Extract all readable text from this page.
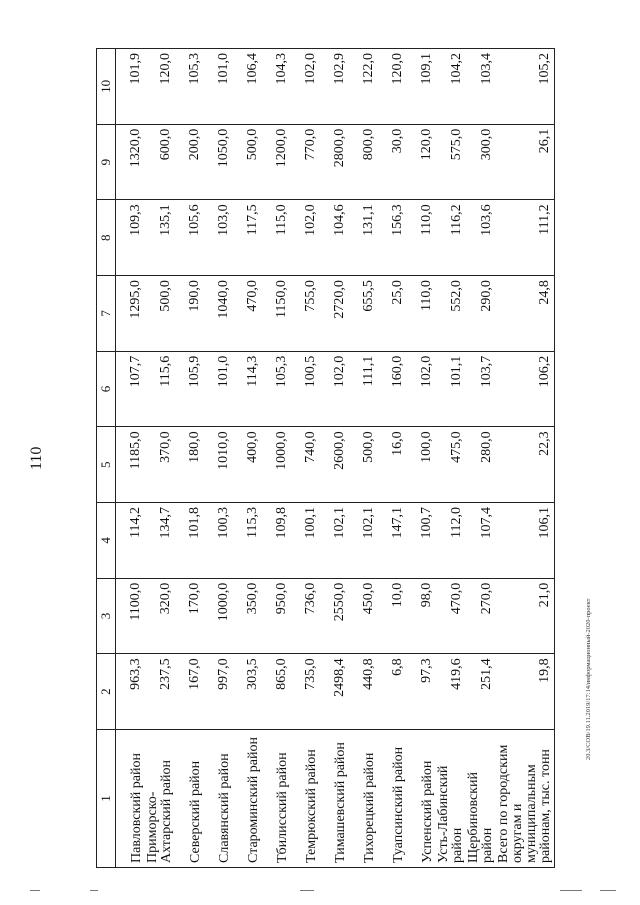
110
20.3/СОВ/19.11.2019/17:14/информационный-2020-проект
1	2	3	4	5	6	7	8	9	10
Павловский район	963,3	1100,0	114,2	1185,0	107,7	1295,0	109,3	1320,0	101,9
Приморско-Ахтарский район	237,5	320,0	134,7	370,0	115,6	500,0	135,1	600,0	120,0
Северский район	167,0	170,0	101,8	180,0	105,9	190,0	105,6	200,0	105,3
Славянский район	997,0	1000,0	100,3	1010,0	101,0	1040,0	103,0	1050,0	101,0
Староминский район	303,5	350,0	115,3	400,0	114,3	470,0	117,5	500,0	106,4
Тбилисский район	865,0	950,0	109,8	1000,0	105,3	1150,0	115,0	1200,0	104,3
Темрюкский район	735,0	736,0	100,1	740,0	100,5	755,0	102,0	770,0	102,0
Тимашевский район	2498,4	2550,0	102,1	2600,0	102,0	2720,0	104,6	2800,0	102,9
Тихорецкий район	440,8	450,0	102,1	500,0	111,1	655,5	131,1	800,0	122,0
Туапсинский район	6,8	10,0	147,1	16,0	160,0	25,0	156,3	30,0	120,0
Успенский район	97,3	98,0	100,7	100,0	102,0	110,0	110,0	120,0	109,1
Усть-Лабинский район	419,6	470,0	112,0	475,0	101,1	552,0	116,2	575,0	104,2
Щербиновский район	251,4	270,0	107,4	280,0	103,7	290,0	103,6	300,0	103,4
Всего по городским округам и муниципальным районам, тыс. тонн	19,8	21,0	106,1	22,3	106,2	24,8	111,2	26,1	105,2
